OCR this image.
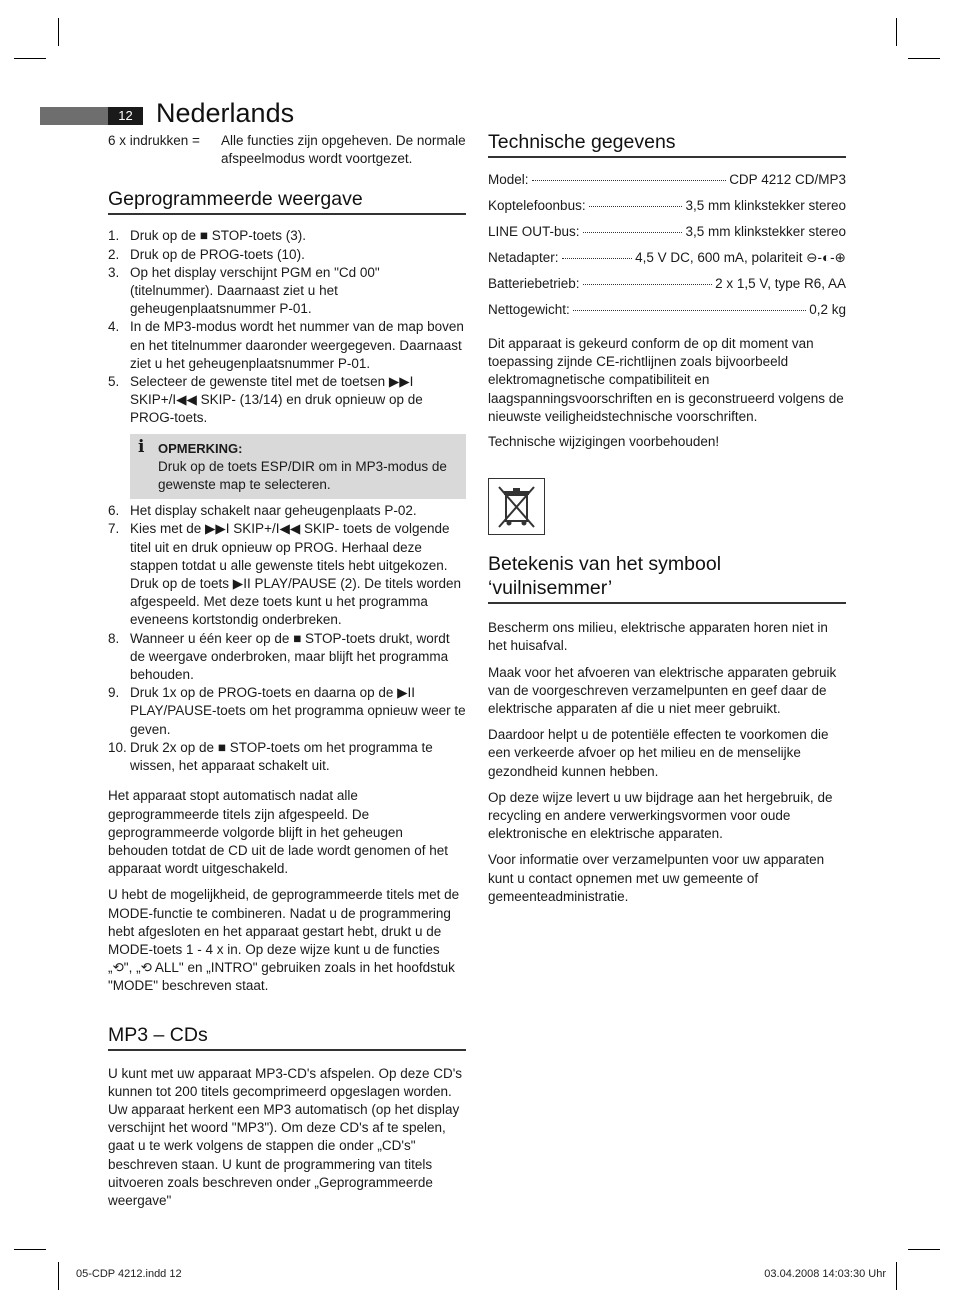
12 Nederlands
6 x indrukken =	Alle functies zijn opgeheven. De normale afspeelmodus wordt voortgezet.
Geprogrammeerde weergave
1. Druk op de ■ STOP-toets (3).
2. Druk op de PROG-toets (10).
3. Op het display verschijnt PGM en "Cd 00" (titelnummer). Daarnaast ziet u het geheugenplaatsnummer P-01.
4. In de MP3-modus wordt het nummer van de map boven en het titelnummer daaronder weergegeven. Daarnaast ziet u het geheugenplaatsnummer P-01.
5. Selecteer de gewenste titel met de toetsen ▶▶I SKIP+/I◀◀ SKIP- (13/14) en druk opnieuw op de PROG-toets.
i OPMERKING:
Druk op de toets ESP/DIR om in MP3-modus de gewenste map te selecteren.
6. Het display schakelt naar geheugenplaats P-02.
7. Kies met de ▶▶I SKIP+/I◀◀ SKIP- toets de volgende titel uit en druk opnieuw op PROG. Herhaal deze stappen totdat u alle gewenste titels hebt uitgekozen. Druk op de toets ▶II PLAY/PAUSE (2). De titels worden afgespeeld. Met deze toets kunt u het programma eveneens kortstondig onderbreken.
8. Wanneer u één keer op de ■ STOP-toets drukt, wordt de weergave onderbroken, maar blijft het programma behouden.
9. Druk 1x op de PROG-toets en daarna op de ▶II PLAY/PAUSE-toets om het programma opnieuw weer te geven.
10. Druk 2x op de ■ STOP-toets om het programma te wissen, het apparaat schakelt uit.

Het apparaat stopt automatisch nadat alle geprogrammeerde titels zijn afgespeeld. De geprogrammeerde volgorde blijft in het geheugen behouden totdat de CD uit de lade wordt genomen of het apparaat wordt uitgeschakeld.

U hebt de mogelijkheid, de geprogrammeerde titels met de MODE-functie te combineren. Nadat u de programmering hebt afgesloten en het apparaat gestart hebt, drukt u de MODE-toets 1 - 4 x in. Op deze wijze kunt u de functies „⟲", „⟲ ALL" en „INTRO" gebruiken zoals in het hoofdstuk "MODE" beschreven staat.

MP3 – CDs

U kunt met uw apparaat MP3-CD's afspelen. Op deze CD's kunnen tot 200 titels gecomprimeerd opgeslagen worden. Uw apparaat herkent een MP3 automatisch (op het display verschijnt het woord "MP3"). Om deze CD's af te spelen, gaat u te werk volgens de stappen die onder „CD's" beschreven staan. U kunt de programmering van titels uitvoeren zoals beschreven onder „Geprogrammeerde weergave"

Technische gegevens
Model:	CDP 4212 CD/MP3
Koptelefoonbus:	3,5 mm klinkstekker stereo
LINE OUT-bus:	3,5 mm klinkstekker stereo
Netadapter:	4,5 V DC, 600 mA, polariteit ⊖-◐-⊕
Batteriebetrieb:	2 x 1,5 V, type R6, AA
Nettogewicht:	0,2 kg

Dit apparaat is gekeurd conform de op dit moment van toepassing zijnde CE-richtlijnen zoals bijvoorbeeld elektromagnetische compatibiliteit en laagspanningsvoorschriften en is geconstrueerd volgens de nieuwste veiligheidstechnische voorschriften.

Technische wijzigingen voorbehouden!

Betekenis van het symbool ‘vuilnisemmer’

Bescherm ons milieu, elektrische apparaten horen niet in het huisafval.

Maak voor het afvoeren van elektrische apparaten gebruik van de voorgeschreven verzamelpunten en geef daar de elektrische apparaten af die u niet meer gebruikt.

Daardoor helpt u de potentiële effecten te voorkomen die een verkeerde afvoer op het milieu en de menselijke gezondheid kunnen hebben.

Op deze wijze levert u uw bijdrage aan het hergebruik, de recycling en andere verwerkingsvormen voor oude elektronische en elektrische apparaten.

Voor informatie over verzamelpunten voor uw apparaten kunt u contact opnemen met uw gemeente of gemeenteadministratie.

05-CDP 4212.indd 12	03.04.2008 14:03:30 Uhr
